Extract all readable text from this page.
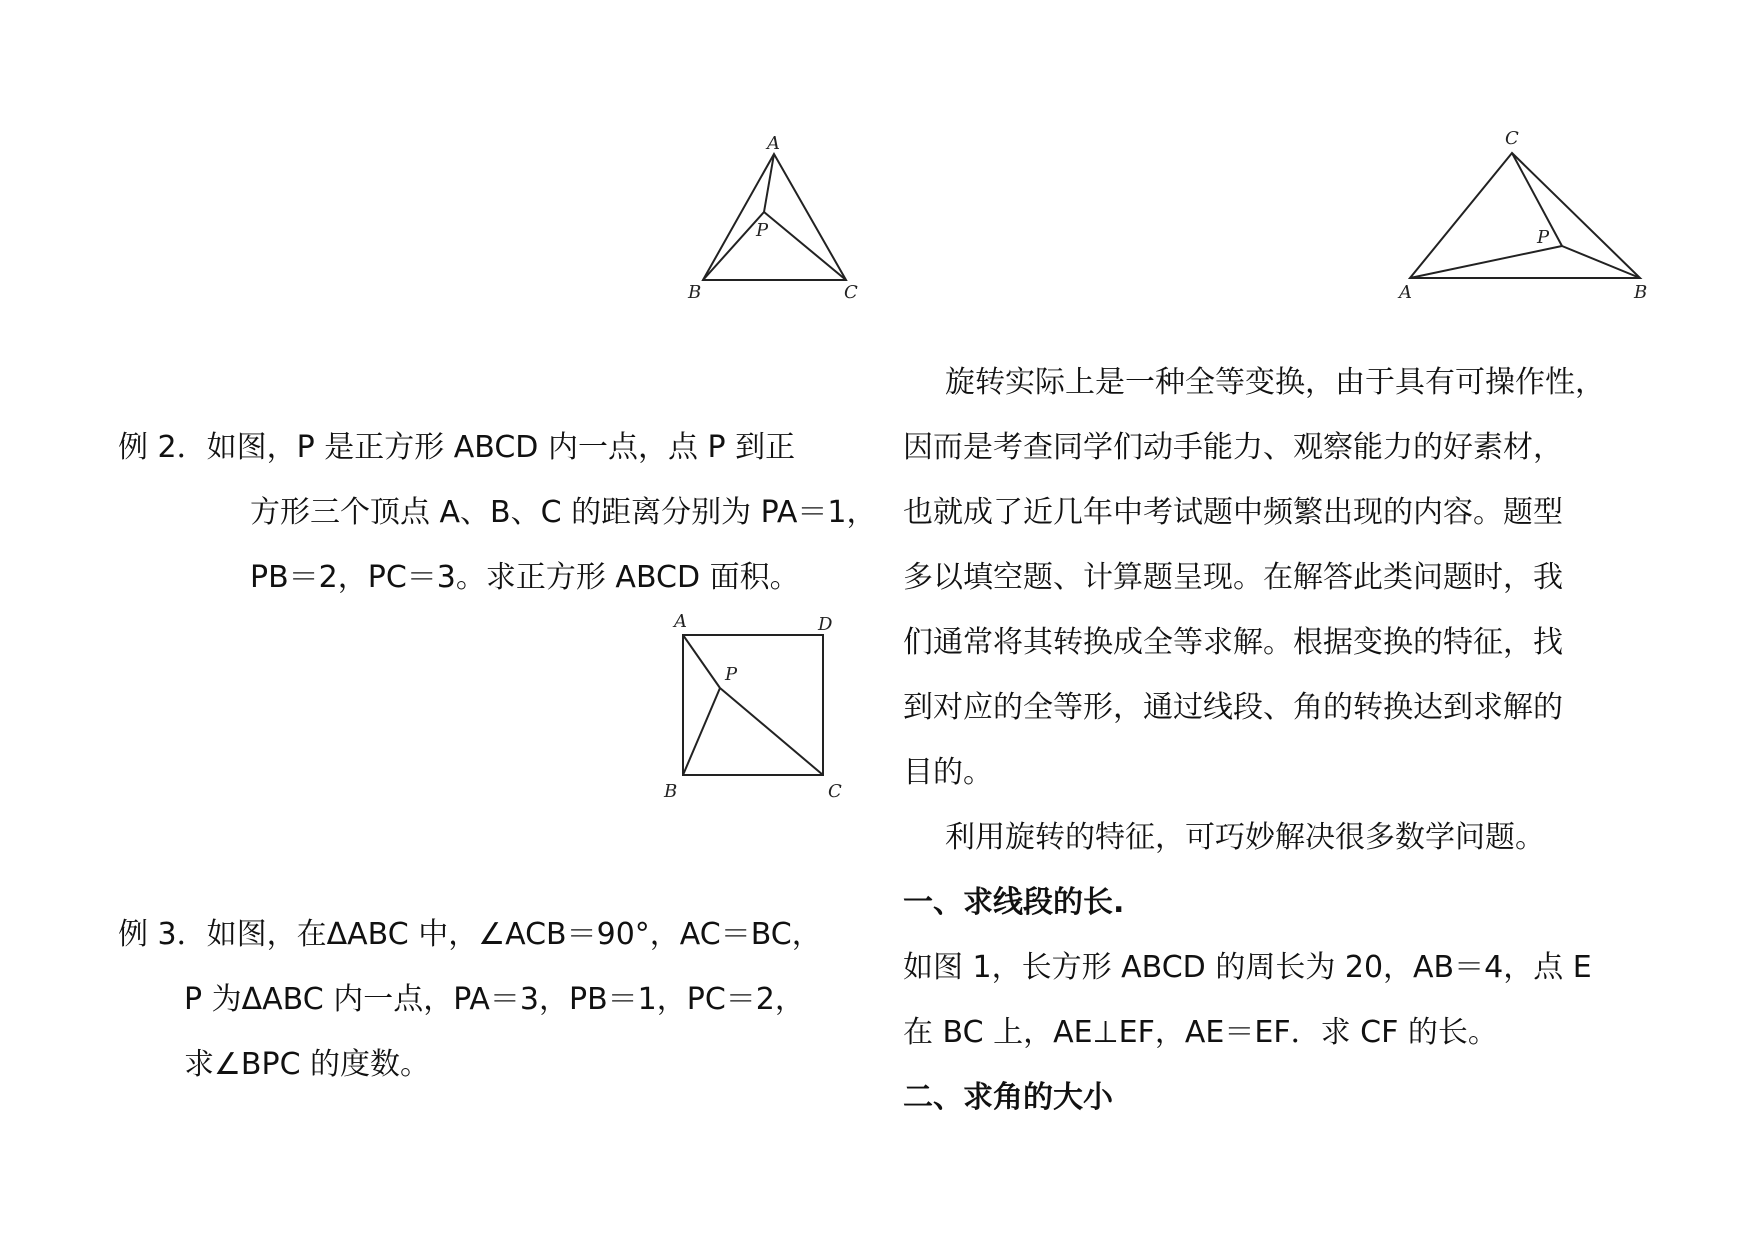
A
B	C
P
A	D
B	C
P
C
A	B
P
例 2．如图，P 是正方形 ABCD 内一点，点 P 到正
方形三个顶点 A、B、C 的距离分别为 PA＝1，
PB＝2，PC＝3。求正方形 ABCD 面积。
例 3．如图，在ΔABC 中，∠ACB＝90°，AC＝BC，
P 为ΔABC 内一点，PA＝3，PB＝1，PC＝2，
求∠BPC 的度数。
旋转实际上是一种全等变换，由于具有可操作性，
因而是考查同学们动手能力、观察能力的好素材，
也就成了近几年中考试题中频繁出现的内容。题型
多以填空题、计算题呈现。在解答此类问题时，我
们通常将其转换成全等求解。根据变换的特征，找
到对应的全等形，通过线段、角的转换达到求解的
目的。
利用旋转的特征，可巧妙解决很多数学问题。
一、求线段的长.
如图 1，长方形 ABCD 的周长为 20，AB＝4，点 E
在 BC 上，AE⊥EF，AE＝EF．求 CF 的长。
二、求角的大小
